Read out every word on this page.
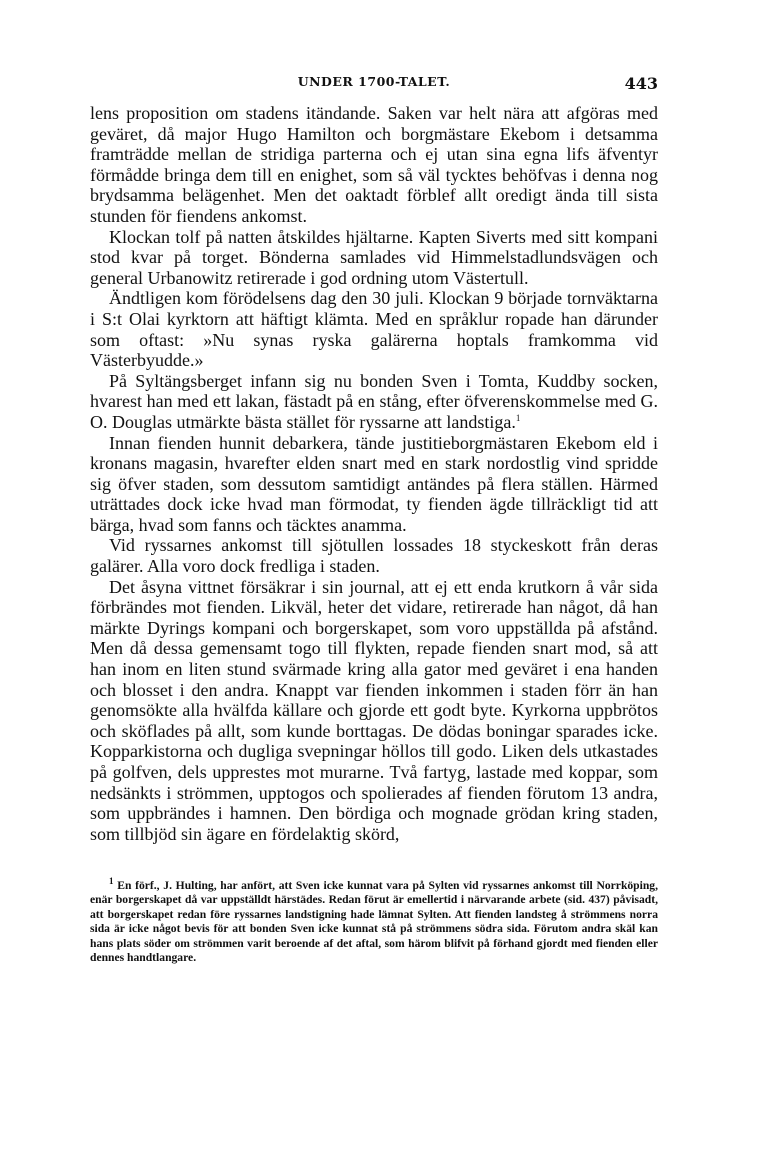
UNDER 1700-TALET.	443

lens proposition om stadens itändande. Saken var helt nära att afgöras med geväret, då major Hugo Hamilton och borgmästare Ekebom i detsamma framträdde mellan de stridiga parterna och ej utan sina egna lifs äfventyr förmådde bringa dem till en enighet, som så väl tycktes behöfvas i denna nog brydsamma belägenhet. Men det oaktadt förblef allt oredigt ända till sista stunden för fiendens ankomst.

Klockan tolf på natten åtskildes hjältarne. Kapten Siverts med sitt kompani stod kvar på torget. Bönderna samlades vid Himmelstadlundsvägen och general Urbanowitz retirerade i god ordning utom Västertull.

Ändtligen kom förödelsens dag den 30 juli. Klockan 9 började tornväktarna i S:t Olai kyrktorn att häftigt klämta. Med en språklur ropade han därunder som oftast: »Nu synas ryska galärerna hoptals framkomma vid Västerbyudde.»

På Syltängsberget infann sig nu bonden Sven i Tomta, Kuddby socken, hvarest han med ett lakan, fästadt på en stång, efter öfverenskommelse med G. O. Douglas utmärkte bästa stället för ryssarne att landstiga.$^1$

Innan fienden hunnit debarkera, tände justitieborgmästaren Ekebom eld i kronans magasin, hvarefter elden snart med en stark nordostlig vind spridde sig öfver staden, som dessutom samtidigt antändes på flera ställen. Härmed uträttades dock icke hvad man förmodat, ty fienden ägde tillräckligt tid att bärga, hvad som fanns och täcktes anamma.

Vid ryssarnes ankomst till sjötullen lossades 18 styckeskott från deras galärer. Alla voro dock fredliga i staden.

Det åsyna vittnet försäkrar i sin journal, att ej ett enda krutkorn å vår sida förbrändes mot fienden. Likväl, heter det vidare, retirerade han något, då han märkte Dyrings kompani och borgerskapet, som voro uppställda på afstånd. Men då dessa gemensamt togo till flykten, repade fienden snart mod, så att han inom en liten stund svärmade kring alla gator med geväret i ena handen och blosset i den andra. Knappt var fienden inkommen i staden förr än han genomsökte alla hvälfda källare och gjorde ett godt byte. Kyrkorna uppbrötos och sköflades på allt, som kunde borttagas. De dödas boningar sparades icke. Kopparkistorna och dugliga svepningar höllos till godo. Liken dels utkastades på golfven, dels upprestes mot murarne. Två fartyg, lastade med koppar, som nedsänkts i strömmen, upptogos och spolierades af fienden förutom 13 andra, som uppbrändes i hamnen. Den bördiga och mognade grödan kring staden, som tillbjöd sin ägare en fördelaktig skörd,

$^1$ En förf., J. Hulting, har anfört, att Sven icke kunnat vara på Sylten vid ryssarnes ankomst till Norrköping, enär borgerskapet då var uppställdt härstädes. Redan förut är emellertid i närvarande arbete (sid. 437) påvisadt, att borgerskapet redan före ryssarnes landstigning hade lämnat Sylten. Att fienden landsteg å strömmens norra sida är icke något bevis för att bonden Sven icke kunnat stå på strömmens södra sida. Förutom andra skäl kan hans plats söder om strömmen varit beroende af det aftal, som härom blifvit på förhand gjordt med fienden eller dennes handtlangare.
